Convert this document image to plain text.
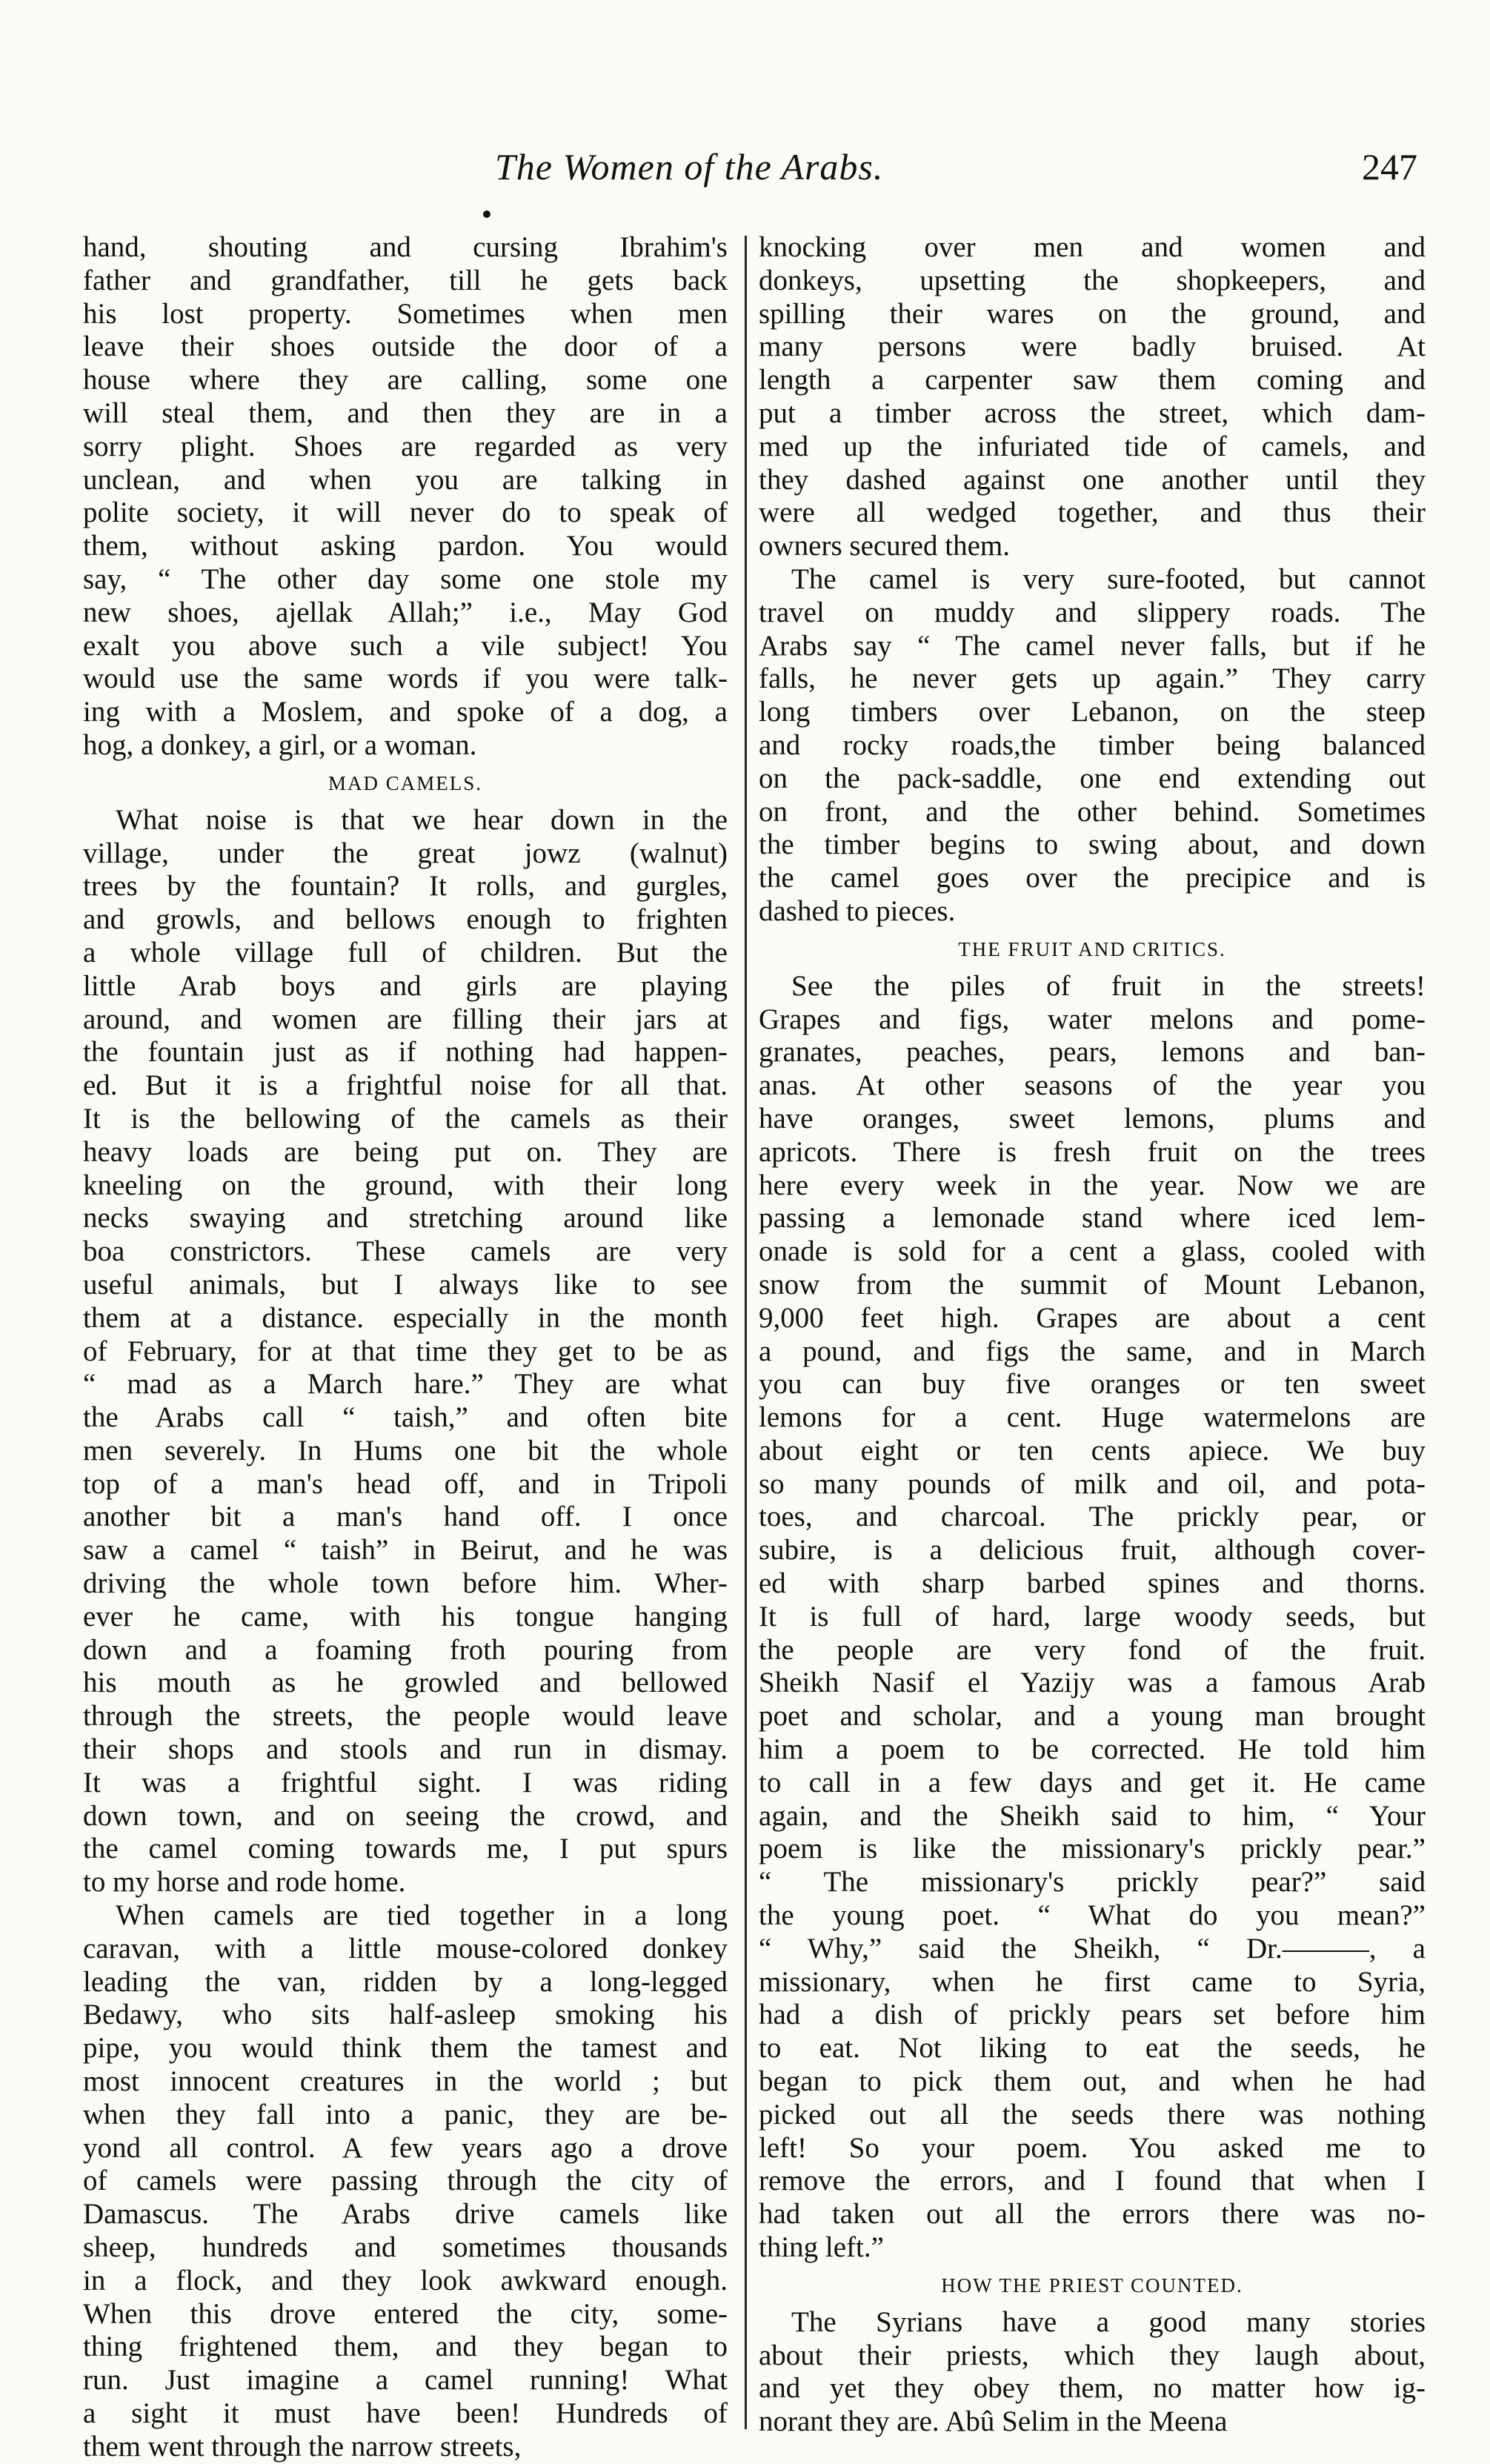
The Women of the Arabs.	247
hand, shouting and cursing Ibrahim's
father and grandfather, till he gets back
his lost property. Sometimes when men
leave their shoes outside the door of a
house where they are calling, some one
will steal them, and then they are in a
sorry plight. Shoes are regarded as very
unclean, and when you are talking in
polite society, it will never do to speak of
them, without asking pardon. You would
say, “ The other day some one stole my
new shoes, ajellak Allah;” i.e., May God
exalt you above such a vile subject! You
would use the same words if you were talk-
ing with a Moslem, and spoke of a dog, a
hog, a donkey, a girl, or a woman.
MAD CAMELS.
What noise is that we hear down in the
village, under the great jowz (walnut)
trees by the fountain? It rolls, and gurgles,
and growls, and bellows enough to frighten
a whole village full of children. But the
little Arab boys and girls are playing
around, and women are filling their jars at
the fountain just as if nothing had happen-
ed. But it is a frightful noise for all that.
It is the bellowing of the camels as their
heavy loads are being put on. They are
kneeling on the ground, with their long
necks swaying and stretching around like
boa constrictors. These camels are very
useful animals, but I always like to see
them at a distance. especially in the month
of February, for at that time they get to be as
“ mad as a March hare.” They are what
the Arabs call “ taish,” and often bite
men severely. In Hums one bit the whole
top of a man's head off, and in Tripoli
another bit a man's hand off. I once
saw a camel “ taish” in Beirut, and he was
driving the whole town before him. Wher-
ever he came, with his tongue hanging
down and a foaming froth pouring from
his mouth as he growled and bellowed
through the streets, the people would leave
their shops and stools and run in dismay.
It was a frightful sight. I was riding
down town, and on seeing the crowd, and
the camel coming towards me, I put spurs
to my horse and rode home.
When camels are tied together in a long
caravan, with a little mouse-colored donkey
leading the van, ridden by a long-legged
Bedawy, who sits half-asleep smoking his
pipe, you would think them the tamest and
most innocent creatures in the world ; but
when they fall into a panic, they are be-
yond all control. A few years ago a drove
of camels were passing through the city of
Damascus. The Arabs drive camels like
sheep, hundreds and sometimes thousands
in a flock, and they look awkward enough.
When this drove entered the city, some-
thing frightened them, and they began to
run. Just imagine a camel running! What
a sight it must have been! Hundreds of
them went through the narrow streets,
knocking over men and women and
donkeys, upsetting the shopkeepers, and
spilling their wares on the ground, and
many persons were badly bruised. At
length a carpenter saw them coming and
put a timber across the street, which dam-
med up the infuriated tide of camels, and
they dashed against one another until they
were all wedged together, and thus their
owners secured them.
The camel is very sure-footed, but cannot
travel on muddy and slippery roads. The
Arabs say “ The camel never falls, but if he
falls, he never gets up again.” They carry
long timbers over Lebanon, on the steep
and rocky roads,the timber being balanced
on the pack-saddle, one end extending out
on front, and the other behind. Sometimes
the timber begins to swing about, and down
the camel goes over the precipice and is
dashed to pieces.
THE FRUIT AND CRITICS.
See the piles of fruit in the streets!
Grapes and figs, water melons and pome-
granates, peaches, pears, lemons and ban-
anas. At other seasons of the year you
have oranges, sweet lemons, plums and
apricots. There is fresh fruit on the trees
here every week in the year. Now we are
passing a lemonade stand where iced lem-
onade is sold for a cent a glass, cooled with
snow from the summit of Mount Lebanon,
9,000 feet high. Grapes are about a cent
a pound, and figs the same, and in March
you can buy five oranges or ten sweet
lemons for a cent. Huge watermelons are
about eight or ten cents apiece. We buy
so many pounds of milk and oil, and pota-
toes, and charcoal. The prickly pear, or
subire, is a delicious fruit, although cover-
ed with sharp barbed spines and thorns.
It is full of hard, large woody seeds, but
the people are very fond of the fruit.
Sheikh Nasif el Yazijy was a famous Arab
poet and scholar, and a young man brought
him a poem to be corrected. He told him
to call in a few days and get it. He came
again, and the Sheikh said to him, “ Your
poem is like the missionary's prickly pear.”
“ The missionary's prickly pear?” said
the young poet. “ What do you mean?”
“ Why,” said the Sheikh, “ Dr.———, a
missionary, when he first came to Syria,
had a dish of prickly pears set before him
to eat. Not liking to eat the seeds, he
began to pick them out, and when he had
picked out all the seeds there was nothing
left! So your poem. You asked me to
remove the errors, and I found that when I
had taken out all the errors there was no-
thing left.”
HOW THE PRIEST COUNTED.
The Syrians have a good many stories
about their priests, which they laugh about,
and yet they obey them, no matter how ig-
norant they are. Abû Selim in the Meena
